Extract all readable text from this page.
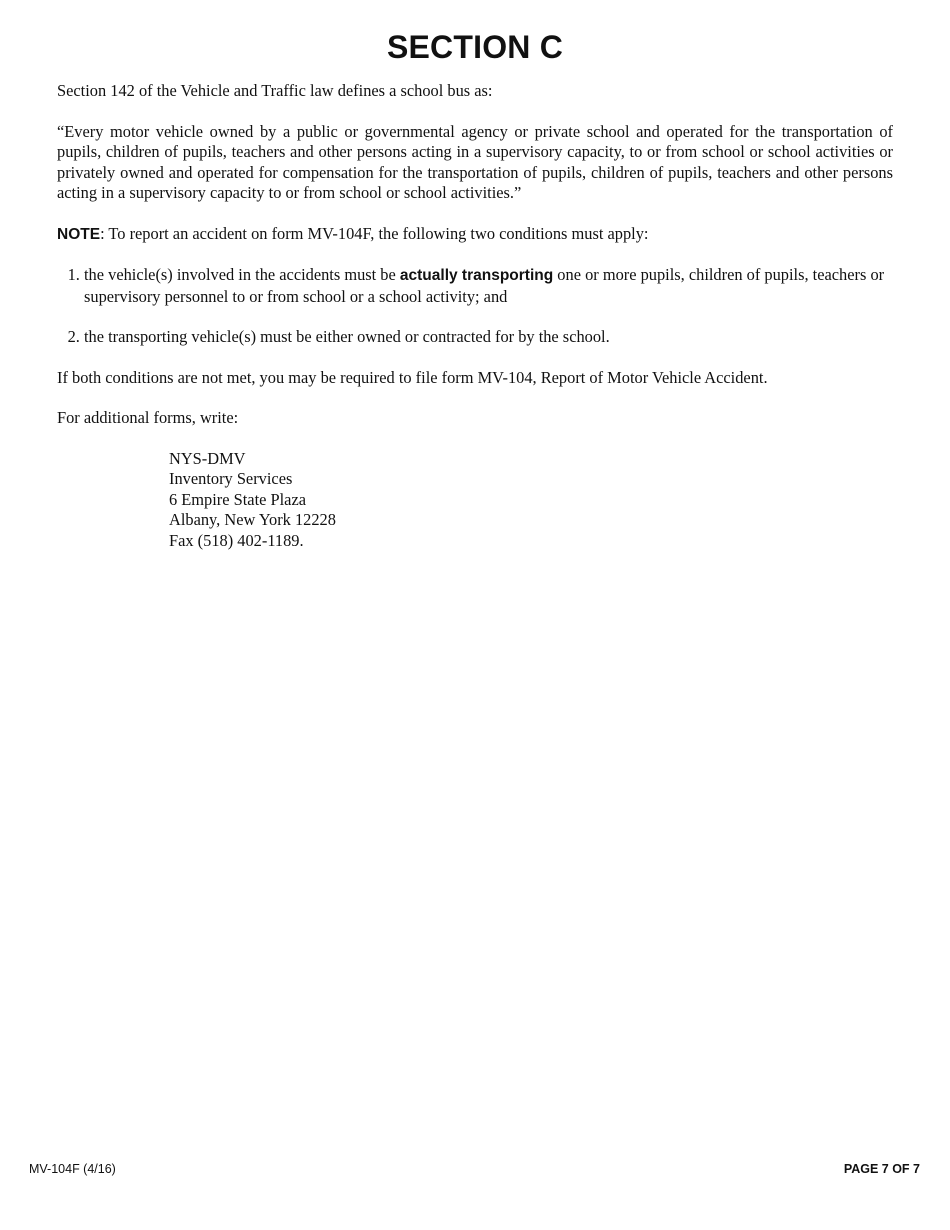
SECTION C

Section 142 of the Vehicle and Traffic law defines a school bus as:

“Every motor vehicle owned by a public or governmental agency or private school and operated for the transportation of pupils, children of pupils, teachers and other persons acting in a supervisory capacity, to or from school or school activities or privately owned and operated for compensation for the transportation of pupils, children of pupils, teachers and other persons acting in a supervisory capacity to or from school or school activities.”

NOTE: To report an accident on form MV-104F, the following two conditions must apply:

1. the vehicle(s) involved in the accidents must be actually transporting one or more pupils, children of pupils, teachers or supervisory personnel to or from school or a school activity; and
2. the transporting vehicle(s) must be either owned or contracted for by the school.

If both conditions are not met, you may be required to file form MV-104, Report of Motor Vehicle Accident.

For additional forms, write:

NYS-DMV
Inventory Services
6 Empire State Plaza
Albany, New York 12228
Fax (518) 402-1189.
MV-104F (4/16)	PAGE 7 OF 7
